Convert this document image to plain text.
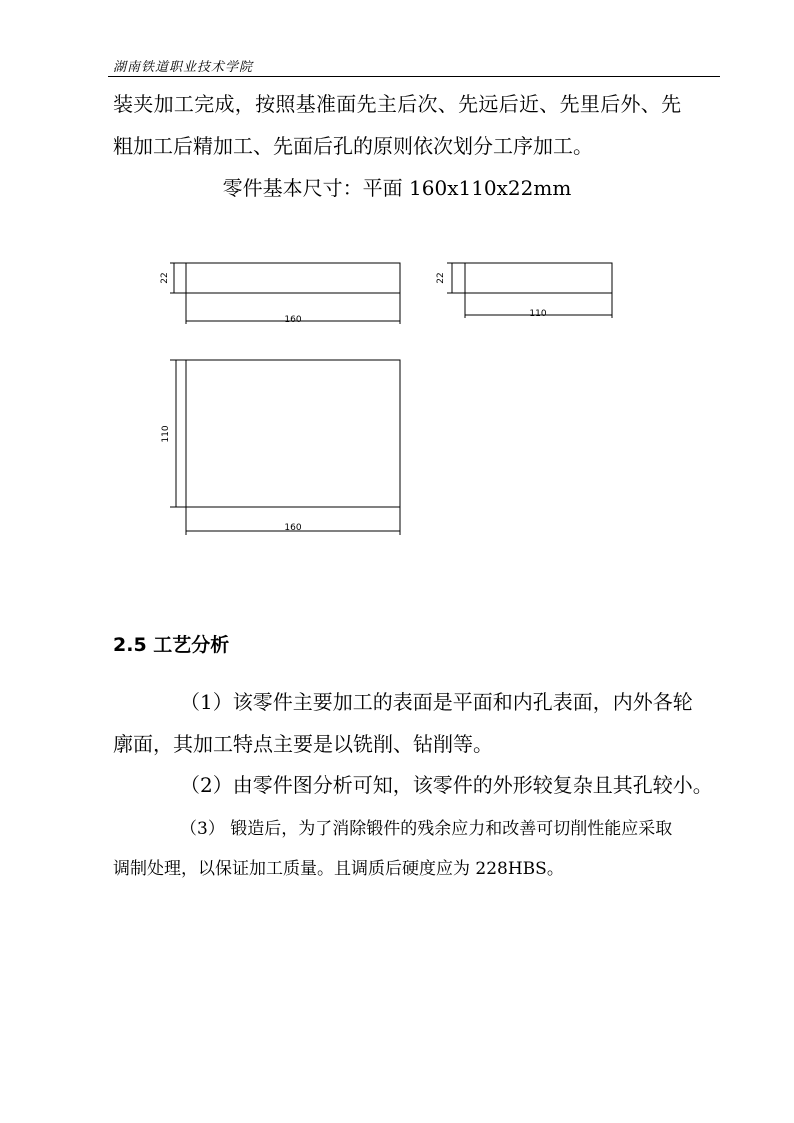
湖南铁道职业技术学院
装夹加工完成，按照基准面先主后次、先远后近、先里后外、先
粗加工后精加工、先面后孔的原则依次划分工序加工。
零件基本尺寸：平面 160x110x22mm
22
160
22
110
110
160
2.5 工艺分析
（1）该零件主要加工的表面是平面和内孔表面，内外各轮
廓面，其加工特点主要是以铣削、钻削等。
（2）由零件图分析可知，该零件的外形较复杂且其孔较小。
（3） 锻造后，为了消除锻件的残余应力和改善可切削性能应采取
调制处理，以保证加工质量。且调质后硬度应为 228HBS。
